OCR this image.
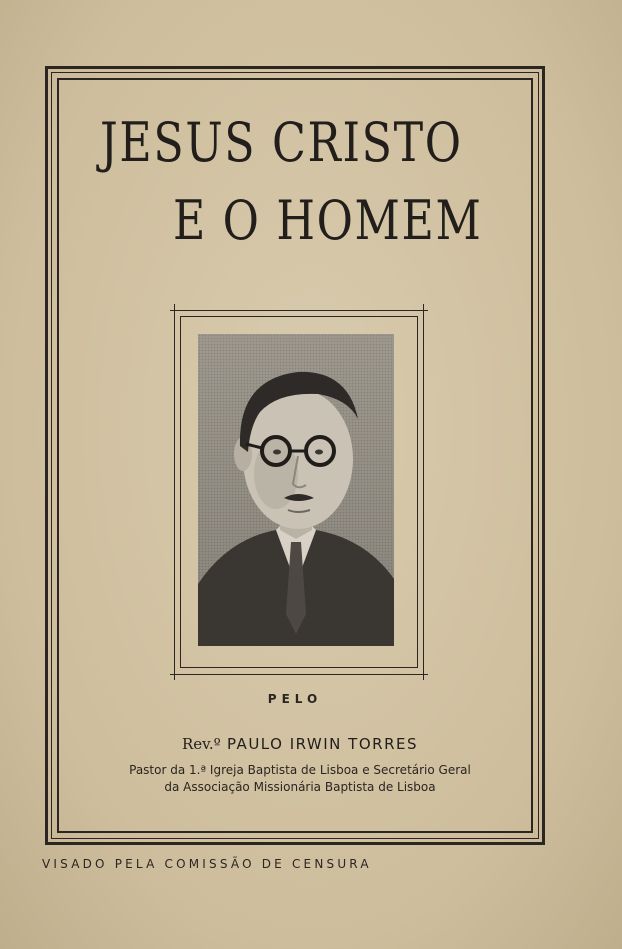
JESUS CRISTO
E O HOMEM
PELO
Rev.º PAULO IRWIN TORRES
Pastor da 1.ª Igreja Baptista de Lisboa e Secretário Geral
da Associação Missionária Baptista de Lisboa
VISADO PELA COMISSÃO DE CENSURA
